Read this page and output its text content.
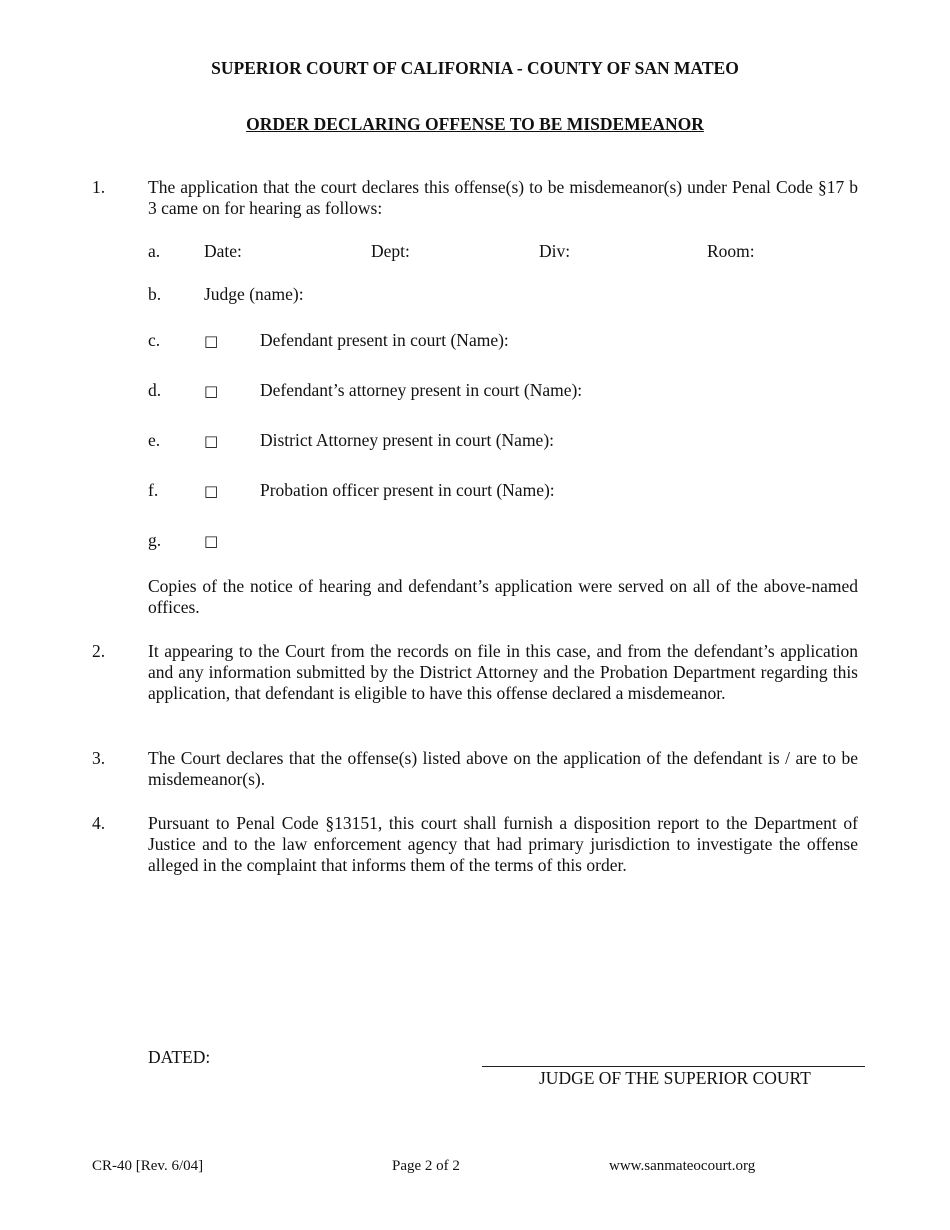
SUPERIOR COURT OF CALIFORNIA - COUNTY OF SAN MATEO
ORDER DECLARING OFFENSE TO BE MISDEMEANOR
1. The application that the court declares this offense(s) to be misdemeanor(s) under Penal Code §17 b 3 came on for hearing as follows:
a.	Date:	Dept:	Div:	Room:
b. Judge (name):
c.	□ Defendant present in court (Name):
d.	□ Defendant’s attorney present in court (Name):
e.	□ District Attorney present in court (Name):
f.	□ Probation officer present in court (Name):
g.	□
Copies of the notice of hearing and defendant’s application were served on all of the above-named offices.
2. It appearing to the Court from the records on file in this case, and from the defendant’s application and any information submitted by the District Attorney and the Probation Department regarding this application, that defendant is eligible to have this offense declared a misdemeanor.
3. The Court declares that the offense(s) listed above on the application of the defendant is / are to be misdemeanor(s).
4. Pursuant to Penal Code §13151, this court shall furnish a disposition report to the Department of Justice and to the law enforcement agency that had primary jurisdiction to investigate the offense alleged in the complaint that informs them of the terms of this order.
DATED:
JUDGE OF THE SUPERIOR COURT
CR-40 [Rev. 6/04]	Page 2 of 2	www.sanmateocourt.org
